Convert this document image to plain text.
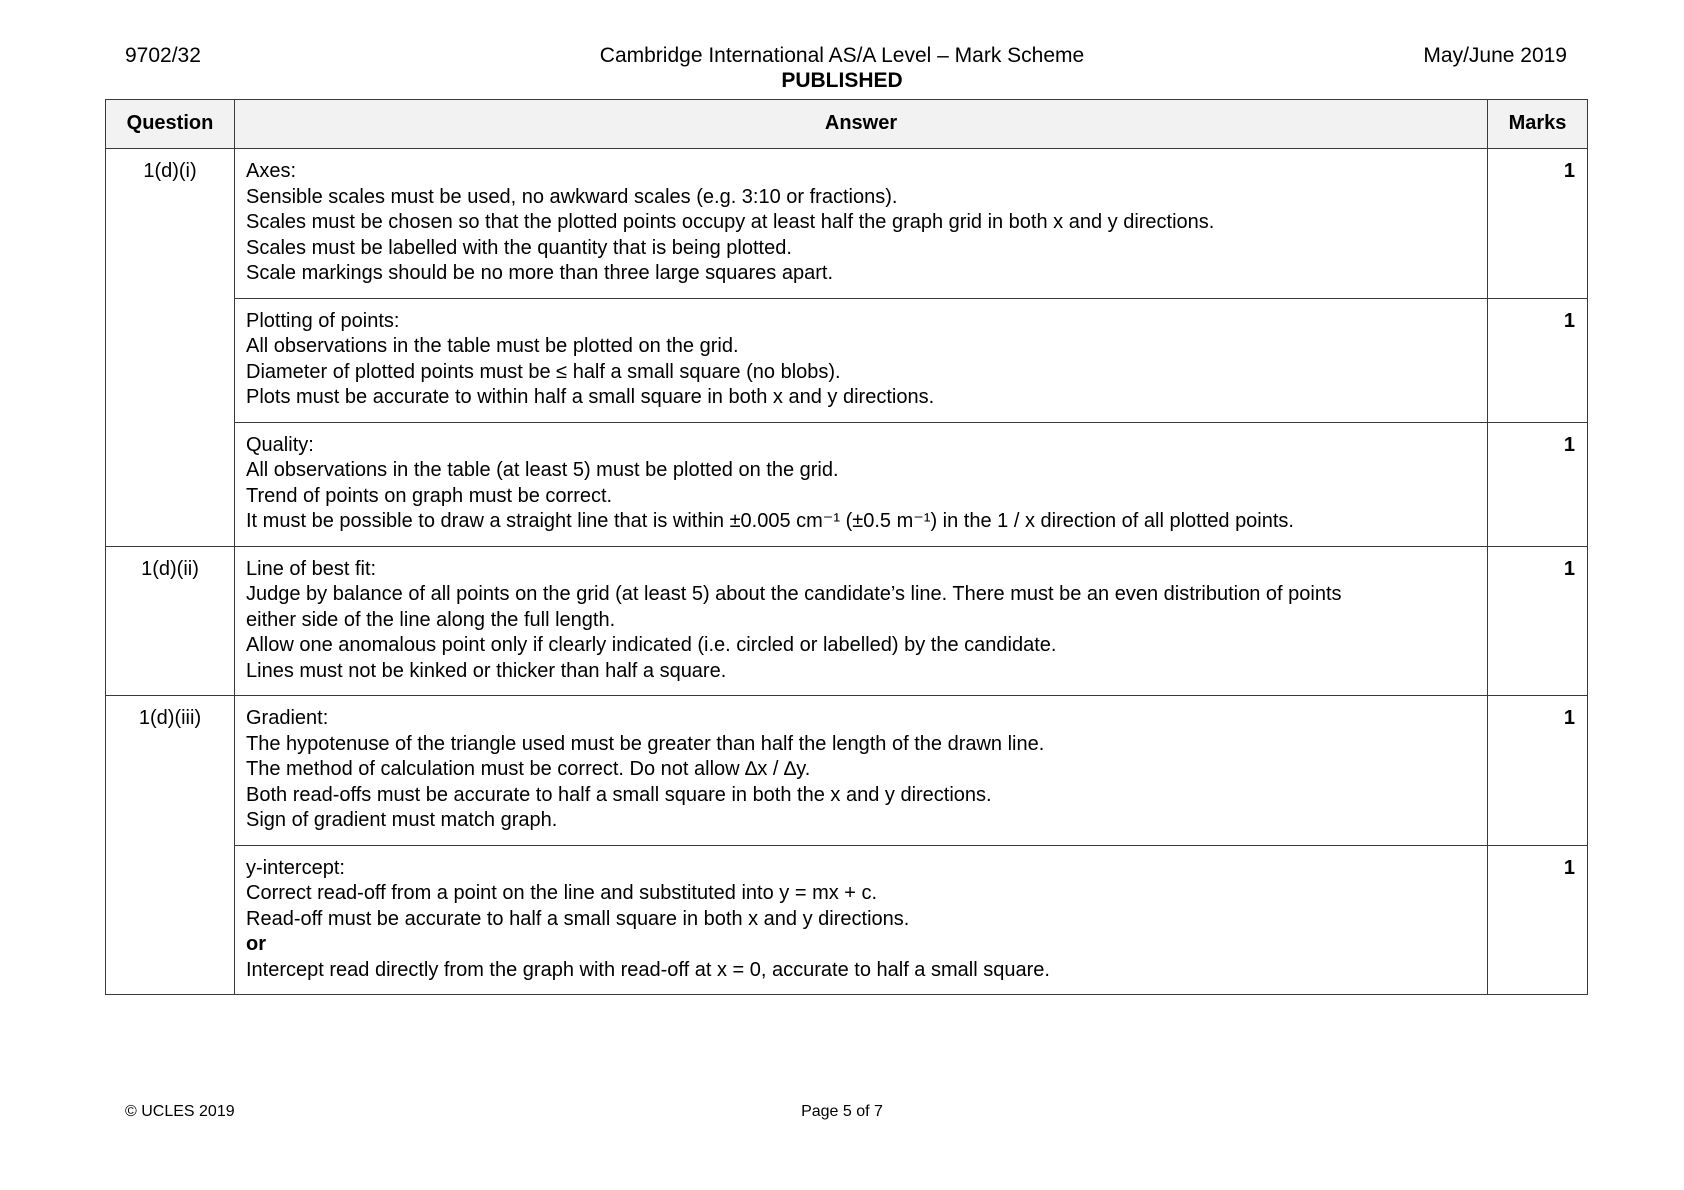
9702/32	Cambridge International AS/A Level – Mark Scheme
PUBLISHED
May/June 2019
Question	Answer	Marks
1(d)(i)	Axes:
Sensible scales must be used, no awkward scales (e.g. 3:10 or fractions).
Scales must be chosen so that the plotted points occupy at least half the graph grid in both x and y directions.
Scales must be labelled with the quantity that is being plotted.
Scale markings should be no more than three large squares apart.	1

	Plotting of points:
All observations in the table must be plotted on the grid.
Diameter of plotted points must be ≤ half a small square (no blobs).
Plots must be accurate to within half a small square in both x and y directions.	1

	Quality:
All observations in the table (at least 5) must be plotted on the grid.
Trend of points on graph must be correct.
It must be possible to draw a straight line that is within ±0.005 cm⁻¹ (±0.5 m⁻¹) in the 1 / x direction of all plotted points.	1
1(d)(ii)	Line of best fit:
Judge by balance of all points on the grid (at least 5) about the candidate’s line. There must be an even distribution of points
either side of the line along the full length.
Allow one anomalous point only if clearly indicated (i.e. circled or labelled) by the candidate.
Lines must not be kinked or thicker than half a square.	1
1(d)(iii)	Gradient:
The hypotenuse of the triangle used must be greater than half the length of the drawn line.
The method of calculation must be correct. Do not allow ∆x / ∆y.
Both read-offs must be accurate to half a small square in both the x and y directions.
Sign of gradient must match graph.	1

	y-intercept:
Correct read-off from a point on the line and substituted into y = mx + c.
Read-off must be accurate to half a small square in both x and y directions.
or
Intercept read directly from the graph with read-off at x = 0, accurate to half a small square.	1
© UCLES 2019	Page 5 of 7
